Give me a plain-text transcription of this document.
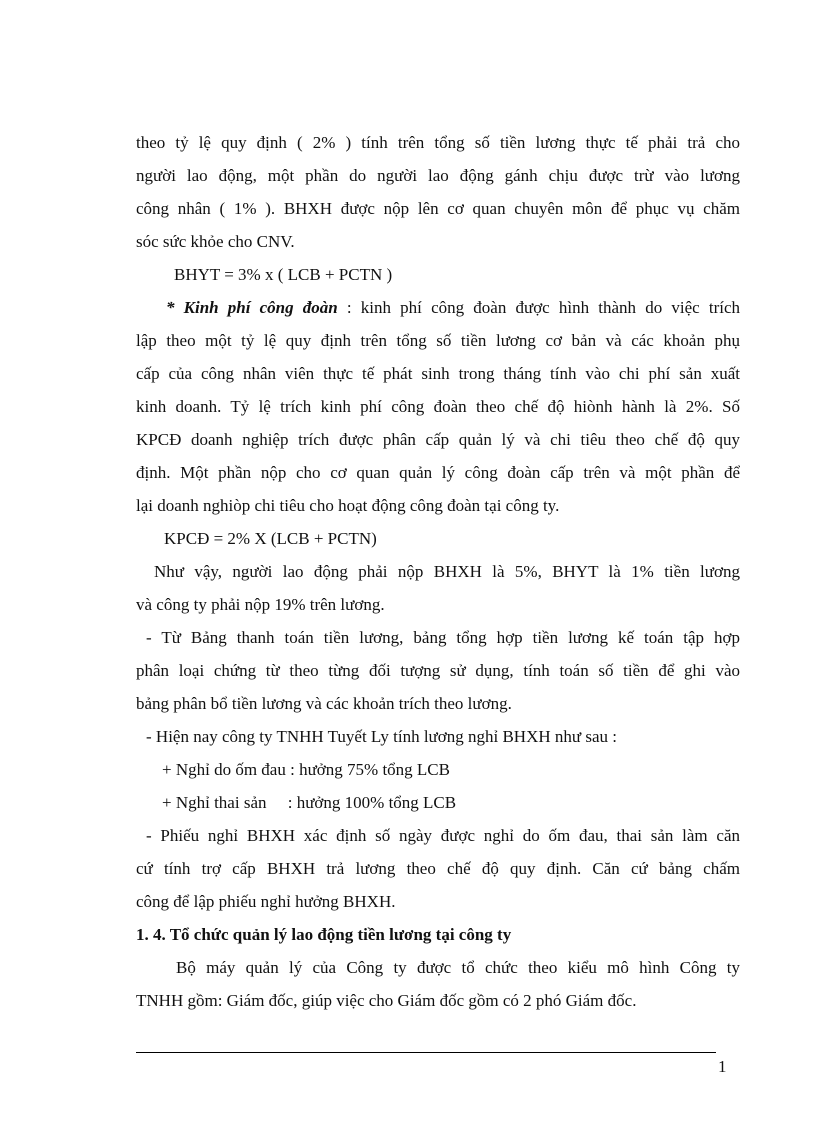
theo tỷ lệ quy định ( 2% ) tính trên tổng số tiền lương thực tế phải trả cho
người lao động, một phần do người lao động gánh chịu được trừ vào lương
công nhân ( 1% ). BHXH được nộp lên cơ quan chuyên môn để phục vụ chăm
sóc sức khỏe cho CNV.
BHYT = 3% x ( LCB + PCTN )
* Kinh phí công đoàn : kinh phí công đoàn được hình thành do việc trích
lập theo một tỷ lệ quy định trên tổng số tiền lương cơ bản và các khoản phụ
cấp của công nhân viên thực tế phát sinh trong tháng tính vào chi phí sản xuất
kinh doanh. Tỷ lệ trích kinh phí công đoàn theo chế độ hiònh hành là 2%. Số
KPCĐ doanh nghiệp trích được phân cấp quản lý và chi tiêu theo chế độ quy
định. Một phần nộp cho cơ quan quản lý công đoàn cấp trên và một phần để
lại doanh nghiòp chi tiêu cho hoạt động công đoàn tại công ty.
KPCĐ = 2% X (LCB + PCTN)
Như vậy, người lao động phải nộp BHXH là 5%, BHYT là 1% tiền lương
và công ty phải nộp 19% trên lương.
- Từ Bảng thanh toán tiền lương, bảng tổng hợp tiền lương kế toán tập hợp
phân loại chứng từ theo từng đối tượng sử dụng, tính toán số tiền để ghi vào
bảng phân bổ tiền lương và các khoản trích theo lương.
- Hiện nay công ty TNHH Tuyết Ly tính lương nghỉ BHXH như sau :
+ Nghỉ do ốm đau : hưởng 75% tổng LCB
+ Nghỉ thai sản     : hưởng 100% tổng LCB
- Phiếu nghỉ BHXH xác định số ngày được nghỉ do ốm đau, thai sản làm căn
cứ tính trợ cấp BHXH trả lương theo chế độ quy định. Căn cứ bảng chấm
công để lập phiếu nghỉ hưởng BHXH.
1. 4. Tổ chức quản lý lao động tiền lương tại công ty
Bộ máy quản lý của Công ty được tổ chức theo kiểu mô hình Công ty
TNHH gồm: Giám đốc, giúp việc cho Giám đốc gồm có 2 phó Giám đốc.
1
